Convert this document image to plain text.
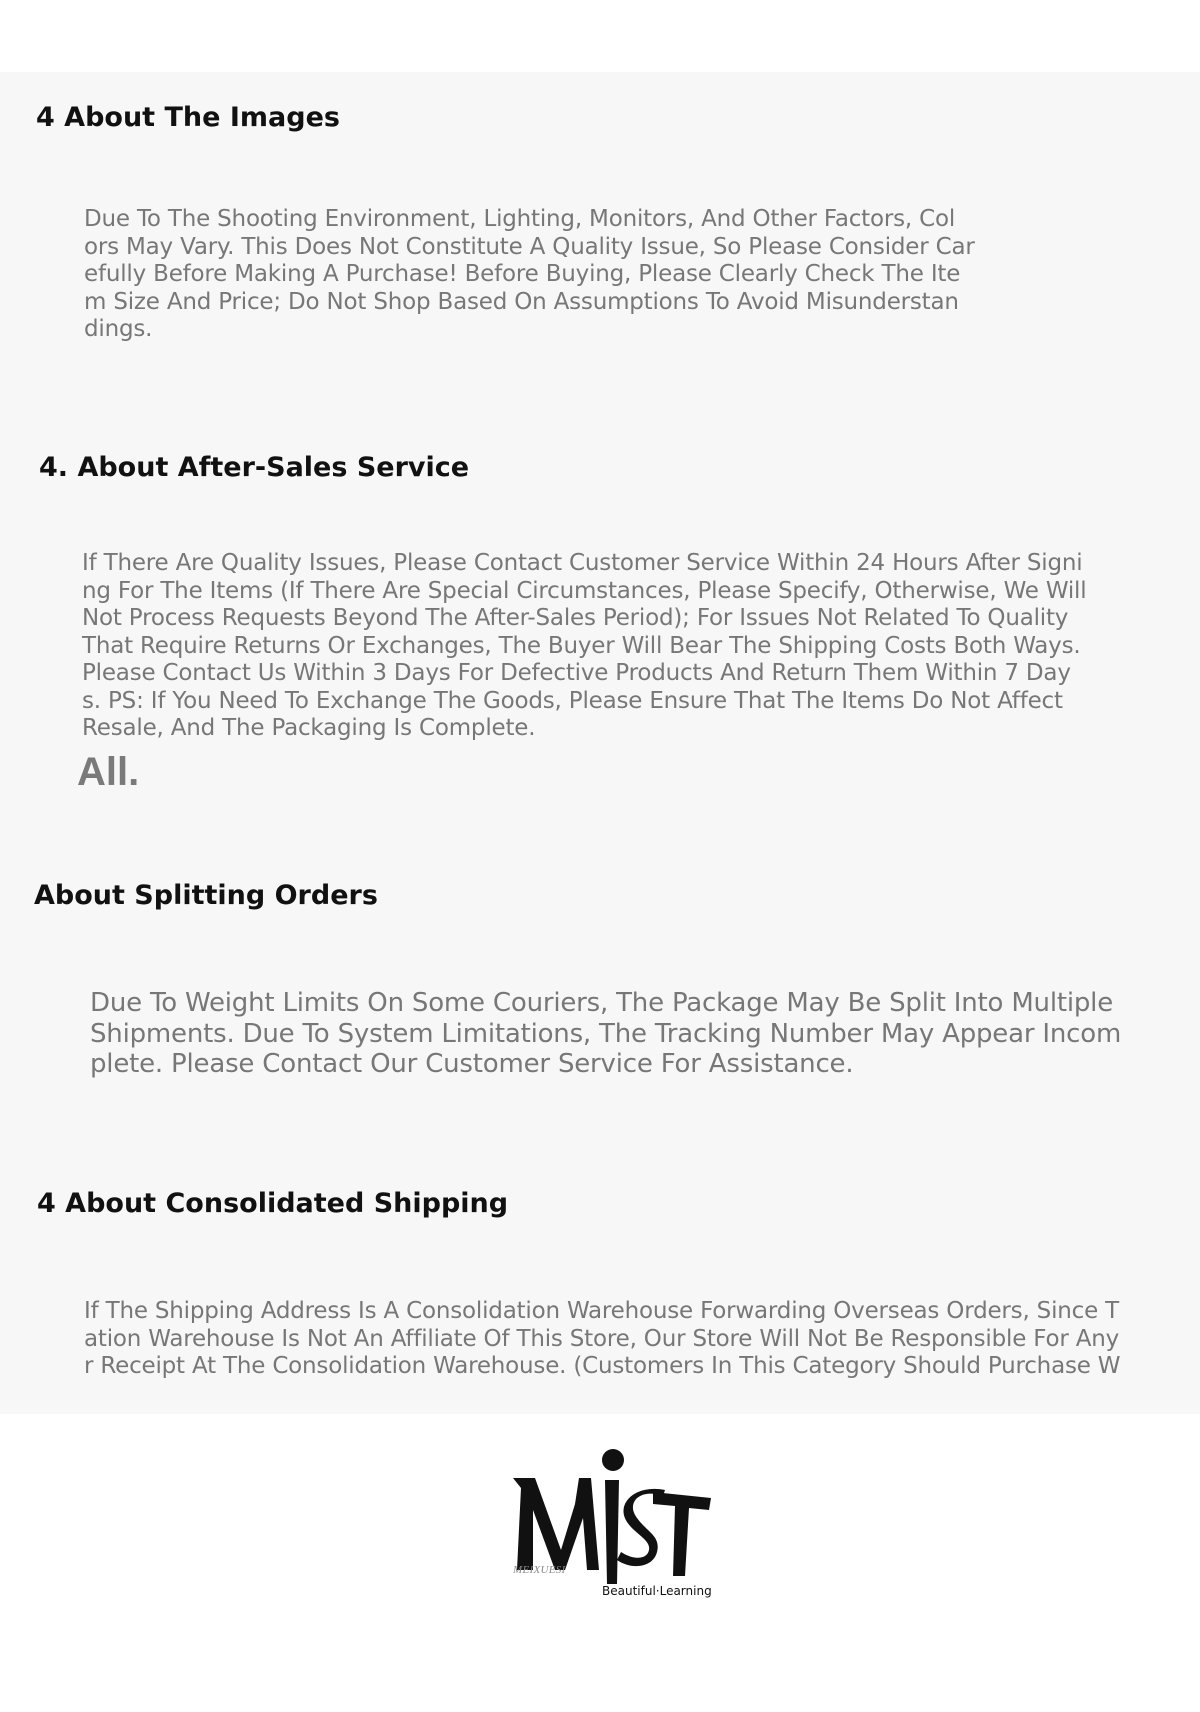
4 About The Images

Due To The Shooting Environment, Lighting, Monitors, And Other Factors, Col
ors May Vary. This Does Not Constitute A Quality Issue, So Please Consider Car
efully Before Making A Purchase! Before Buying, Please Clearly Check The Ite
m Size And Price; Do Not Shop Based On Assumptions To Avoid Misunderstan
dings.

4. About After-Sales Service

If There Are Quality Issues, Please Contact Customer Service Within 24 Hours After Signi
ng For The Items (If There Are Special Circumstances, Please Specify, Otherwise, We Will
Not Process Requests Beyond The After-Sales Period); For Issues Not Related To Quality
That Require Returns Or Exchanges, The Buyer Will Bear The Shipping Costs Both Ways.
Please Contact Us Within 3 Days For Defective Products And Return Them Within 7 Day
s. PS: If You Need To Exchange The Goods, Please Ensure That The Items Do Not Affect
Resale, And The Packaging Is Complete.

All.

About Splitting Orders

Due To Weight Limits On Some Couriers, The Package May Be Split Into Multiple
Shipments. Due To System Limitations, The Tracking Number May Appear Incom
plete. Please Contact Our Customer Service For Assistance.

4 About Consolidated Shipping

If The Shipping Address Is A Consolidation Warehouse Forwarding Overseas Orders, Since T
ation Warehouse Is Not An Affiliate Of This Store, Our Store Will Not Be Responsible For Any
r Receipt At The Consolidation Warehouse. (Customers In This Category Should Purchase W

MEIXUESI

Beautiful·Learning
